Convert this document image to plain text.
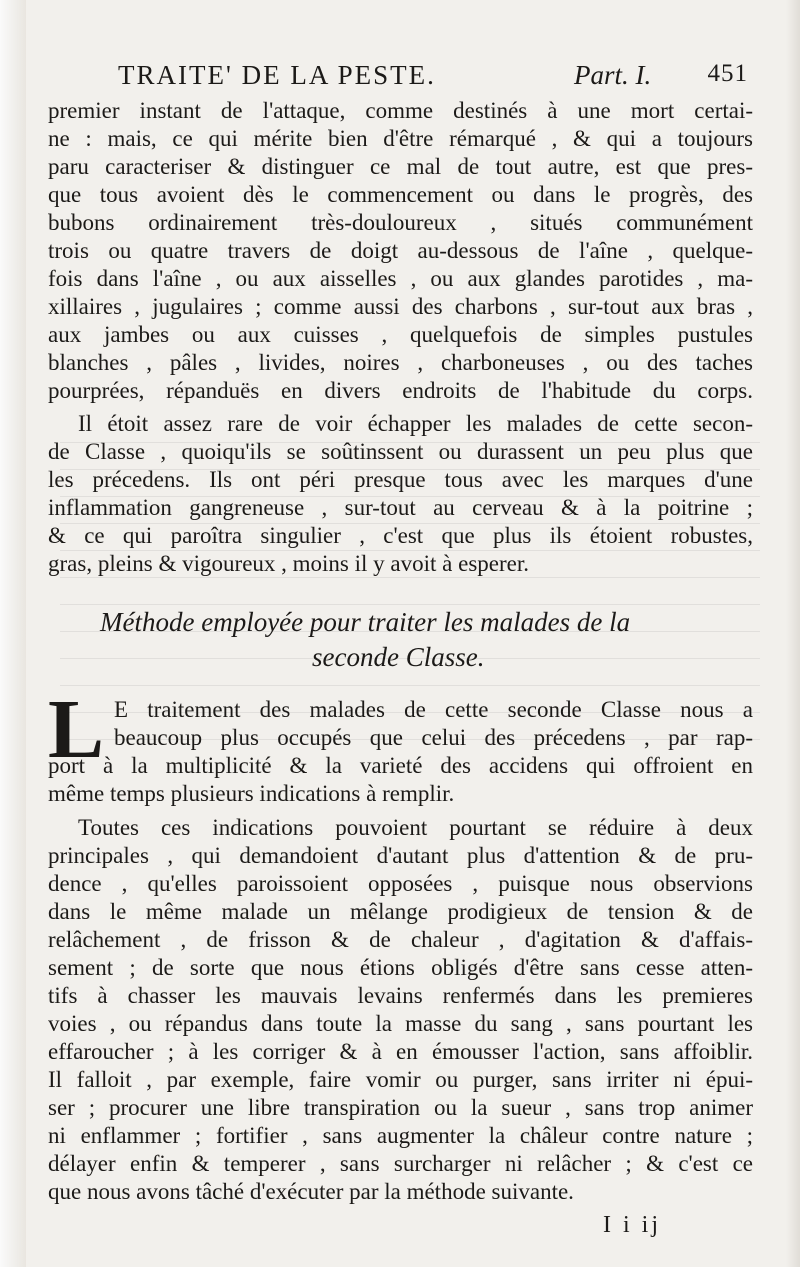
TRAITE' DE LA PESTE.	Part. I. 451
premier instant de l'attaque, comme destinés à une mort certai-
ne : mais, ce qui mérite bien d'être rémarqué , & qui a toujours
paru caracteriser & distinguer ce mal de tout autre, est que pres-
que tous avoient dès le commencement ou dans le progrès, des
bubons ordinairement très-douloureux , situés communément
trois ou quatre travers de doigt au-dessous de l'aîne , quelque-
fois dans l'aîne , ou aux aisselles , ou aux glandes parotides , ma-
xillaires , jugulaires ; comme aussi des charbons , sur-tout aux bras ,
aux jambes ou aux cuisses , quelquefois de simples pustules
blanches , pâles , livides, noires , charboneuses , ou des taches
pourprées, répanduës en divers endroits de l'habitude du corps.
Il étoit assez rare de voir échapper les malades de cette secon-
de Classe , quoiqu'ils se soûtinssent ou durassent un peu plus que
les précedens. Ils ont péri presque tous avec les marques d'une
inflammation gangreneuse , sur-tout au cerveau & à la poitrine ;
& ce qui paroîtra singulier , c'est que plus ils étoient robustes,
gras, pleins & vigoureux , moins il y avoit à esperer.
Méthode employée pour traiter les malades de la
seconde Classe.
L E traitement des malades de cette seconde Classe nous a
beaucoup plus occupés que celui des précedens , par rap-
port à la multiplicité & la varieté des accidens qui offroient en
même temps plusieurs indications à remplir.
Toutes ces indications pouvoient pourtant se réduire à deux
principales , qui demandoient d'autant plus d'attention & de pru-
dence , qu'elles paroissoient opposées , puisque nous observions
dans le même malade un mêlange prodigieux de tension & de
relâchement , de frisson & de chaleur , d'agitation & d'affais-
sement ; de sorte que nous étions obligés d'être sans cesse atten-
tifs à chasser les mauvais levains renfermés dans les premieres
voies , ou répandus dans toute la masse du sang , sans pourtant les
effaroucher ; à les corriger & à en émousser l'action, sans affoiblir.
Il falloit , par exemple, faire vomir ou purger, sans irriter ni épui-
ser ; procurer une libre transpiration ou la sueur , sans trop animer
ni enflammer ; fortifier , sans augmenter la châleur contre nature ;
délayer enfin & temperer , sans surcharger ni relâcher ; & c'est ce
que nous avons tâché d'exécuter par la méthode suivante.
I i ij
